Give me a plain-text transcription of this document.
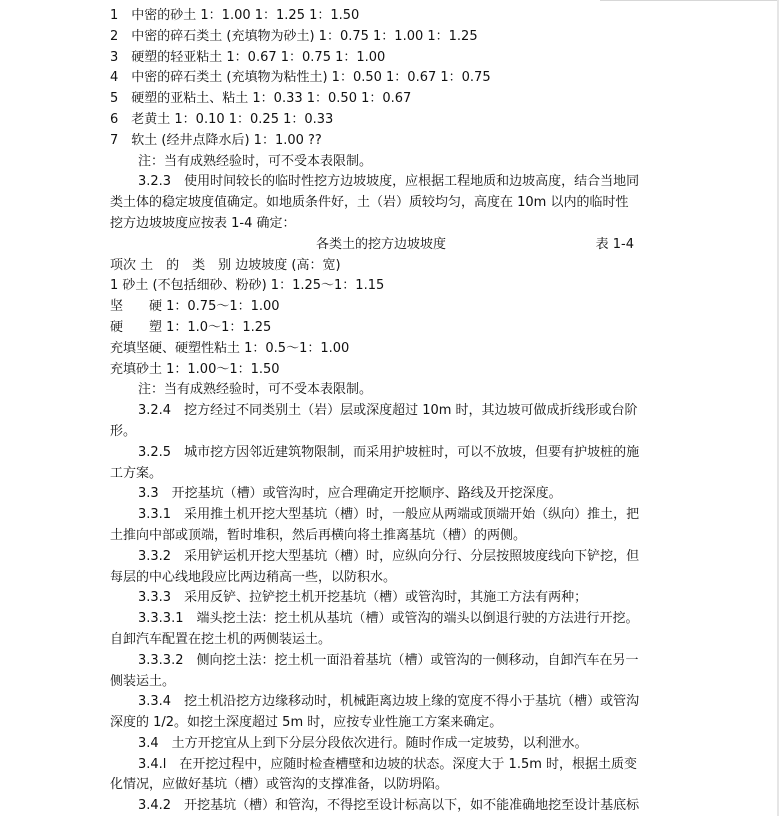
1　中密的砂土 1：1.00 1：1.25 1：1.50

2　中密的碎石类土 (充填物为砂土) 1：0.75 1：1.00 1：1.25

3　硬塑的轻亚粘土 1：0.67 1：0.75 1：1.00

4　中密的碎石类土 (充填物为粘性土) 1：0.50 1：0.67 1：0.75

5　硬塑的亚粘土、粘土 1：0.33 1：0.50 1：0.67

6　老黄土 1：0.10 1：0.25 1：0.33

7　软土 (经井点降水后) 1：1.00 ??

注：当有成熟经验时，可不受本表限制。

3.2.3　使用时间较长的临时性挖方边坡坡度，应根据工程地质和边坡高度，结合当地同

类土体的稳定坡度值确定。如地质条件好，土（岩）质较均匀，高度在 10m 以内的临时性

挖方边坡坡度应按表 1-4 确定：

各类土的挖方边坡坡度	表 1-4

项次 土　的　类　别 边坡坡度 (高：宽)

1 砂土 (不包括细砂、粉砂) 1：1.25～1：1.15

坚　　硬 1：0.75～1：1.00

硬　　塑 1：1.0～1：1.25

充填坚硬、硬塑性粘土 1：0.5～1：1.00

充填砂土 1：1.00～1：1.50

注：当有成熟经验时，可不受本表限制。

3.2.4　挖方经过不同类别土（岩）层或深度超过 10m 时，其边坡可做成折线形或台阶

形。

3.2.5　城市挖方因邻近建筑物限制，而采用护坡桩时，可以不放坡，但要有护坡桩的施

工方案。

3.3　开挖基坑（槽）或管沟时，应合理确定开挖顺序、路线及开挖深度。

3.3.1　采用推土机开挖大型基坑（槽）时，一般应从两端或顶端开始（纵向）推土，把

土推向中部或顶端，暂时堆积，然后再横向将土推离基坑（槽）的两侧。

3.3.2　采用铲运机开挖大型基坑（槽）时，应纵向分行、分层按照坡度线向下铲挖，但

每层的中心线地段应比两边稍高一些，以防积水。

3.3.3　采用反铲、拉铲挖土机开挖基坑（槽）或管沟时，其施工方法有两种；

3.3.3.1　端头挖土法：挖土机从基坑（槽）或管沟的端头以倒退行驶的方法进行开挖。

自卸汽车配置在挖土机的两侧装运土。

3.3.3.2　侧向挖土法：挖土机一面沿着基坑（槽）或管沟的一侧移动，自卸汽车在另一

侧装运土。

3.3.4　挖土机沿挖方边缘移动时，机械距离边坡上缘的宽度不得小于基坑（槽）或管沟

深度的 1/2。如挖土深度超过 5m 时，应按专业性施工方案来确定。

3.4　土方开挖宜从上到下分层分段依次进行。随时作成一定坡势，以利泄水。

3.4.l　在开挖过程中，应随时检查槽壁和边坡的状态。深度大于 1.5m 时，根据土质变

化情况，应做好基坑（槽）或管沟的支撑准备，以防坍陷。

3.4.2　开挖基坑（槽）和管沟，不得挖至设计标高以下，如不能准确地挖至设计基底标
